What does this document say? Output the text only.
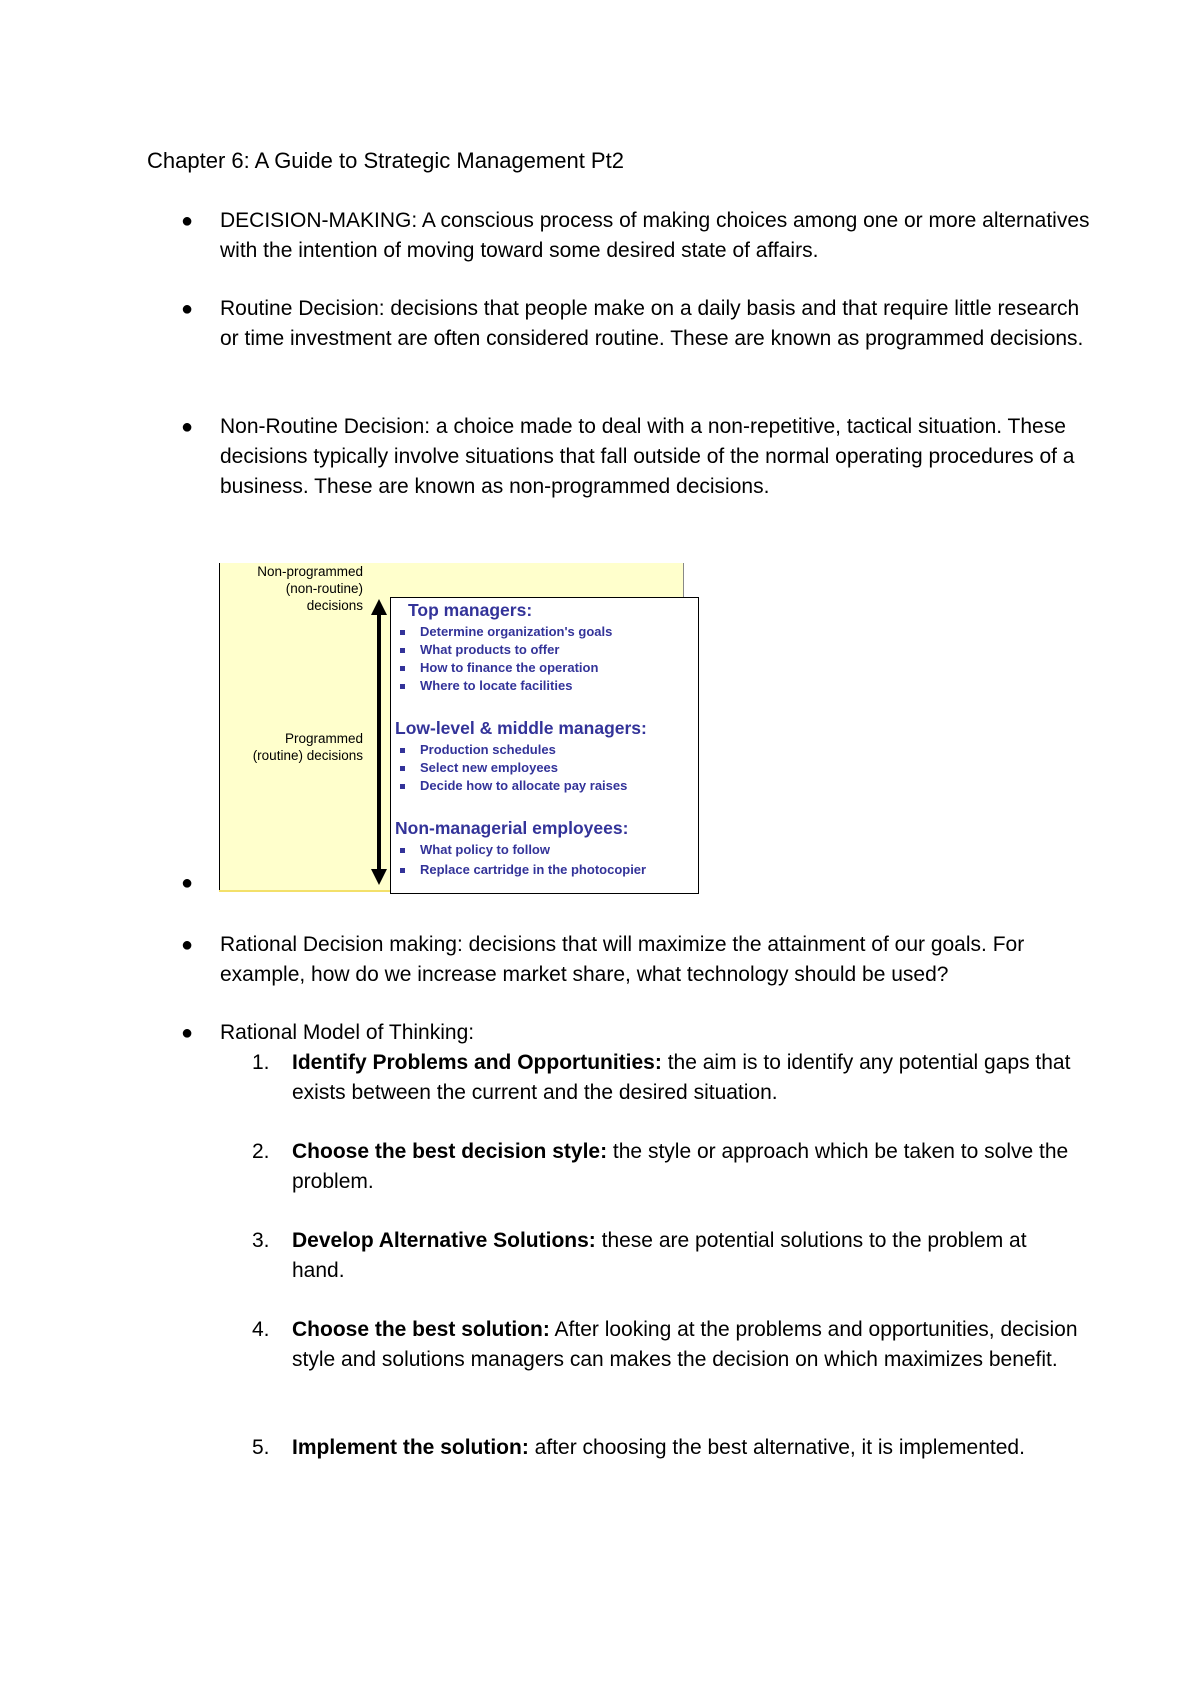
Chapter 6: A Guide to Strategic Management Pt2
● DECISION-MAKING: A conscious process of making choices among one or more alternatives with the intention of moving toward some desired state of affairs.
● Routine Decision: decisions that people make on a daily basis and that require little research or time investment are often considered routine. These are known as programmed decisions.
● Non-Routine Decision: a choice made to deal with a non-repetitive, tactical situation. These decisions typically involve situations that fall outside of the normal operating procedures of a business. These are known as non-programmed decisions.
●
Non-programmed
(non-routine)
decisions
Programmed
(routine) decisions
Top managers:
Determine organization's goals
What products to offer
How to finance the operation
Where to locate facilities
Low-level & middle managers:
Production schedules
Select new employees
Decide how to allocate pay raises
Non-managerial employees:
What policy to follow
Replace cartridge in the photocopier
● Rational Decision making: decisions that will maximize the attainment of our goals. For example, how do we increase market share, what technology should be used?
● Rational Model of Thinking:
1. Identify Problems and Opportunities: the aim is to identify any potential gaps that exists between the current and the desired situation.
2. Choose the best decision style: the style or approach which be taken to solve the problem.
3. Develop Alternative Solutions: these are potential solutions to the problem at hand.
4. Choose the best solution: After looking at the problems and opportunities, decision style and solutions managers can makes the decision on which maximizes benefit.
5. Implement the solution: after choosing the best alternative, it is implemented.
